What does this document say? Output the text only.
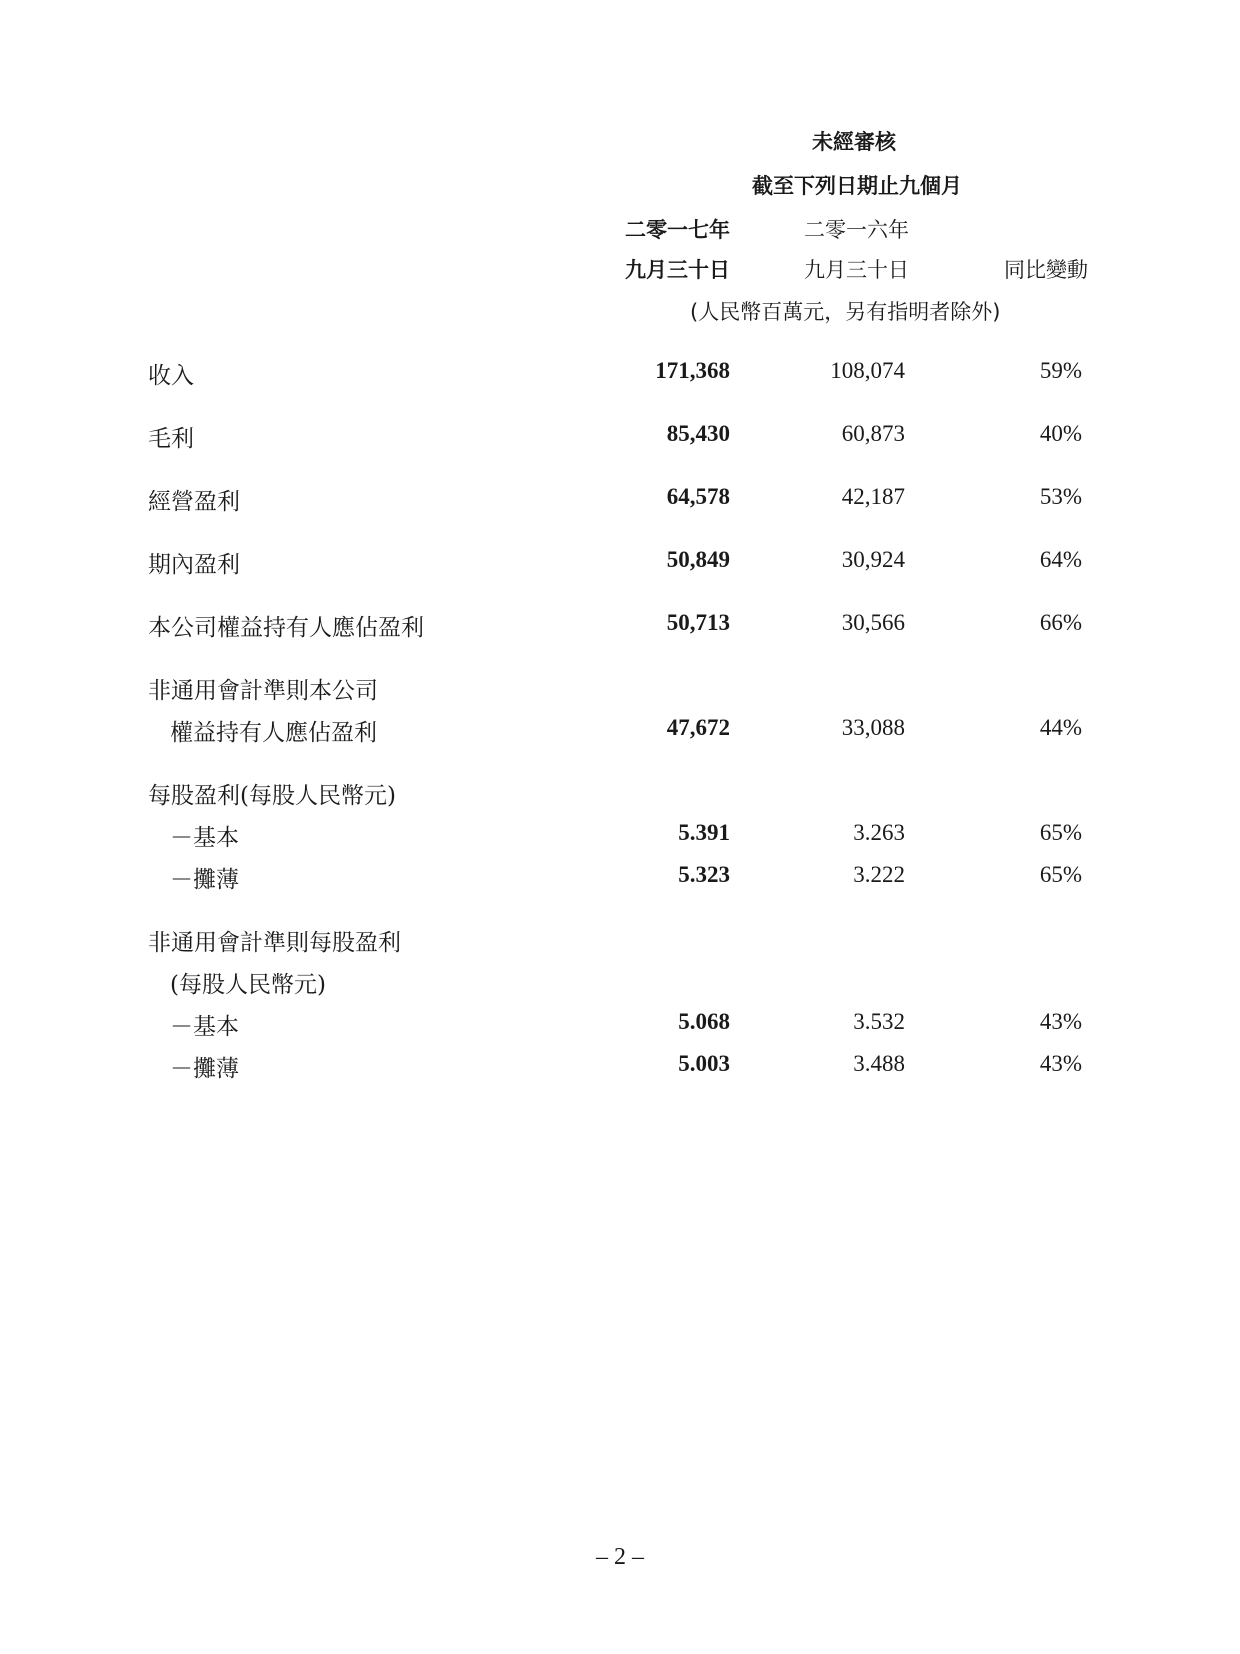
未經審核
截至下列日期止九個月
二零一七年	二零一六年
九月三十日	九月三十日	同比變動
(人民幣百萬元，另有指明者除外)
收入	171,368	108,074	59%
毛利	85,430	60,873	40%
經營盈利	64,578	42,187	53%
期內盈利	50,849	30,924	64%
本公司權益持有人應佔盈利	50,713	30,566	66%
非通用會計準則本公司
權益持有人應佔盈利	47,672	33,088	44%
每股盈利(每股人民幣元)
－基本	5.391	3.263	65%
－攤薄	5.323	3.222	65%
非通用會計準則每股盈利
(每股人民幣元)
－基本	5.068	3.532	43%
－攤薄	5.003	3.488	43%
– 2 –
